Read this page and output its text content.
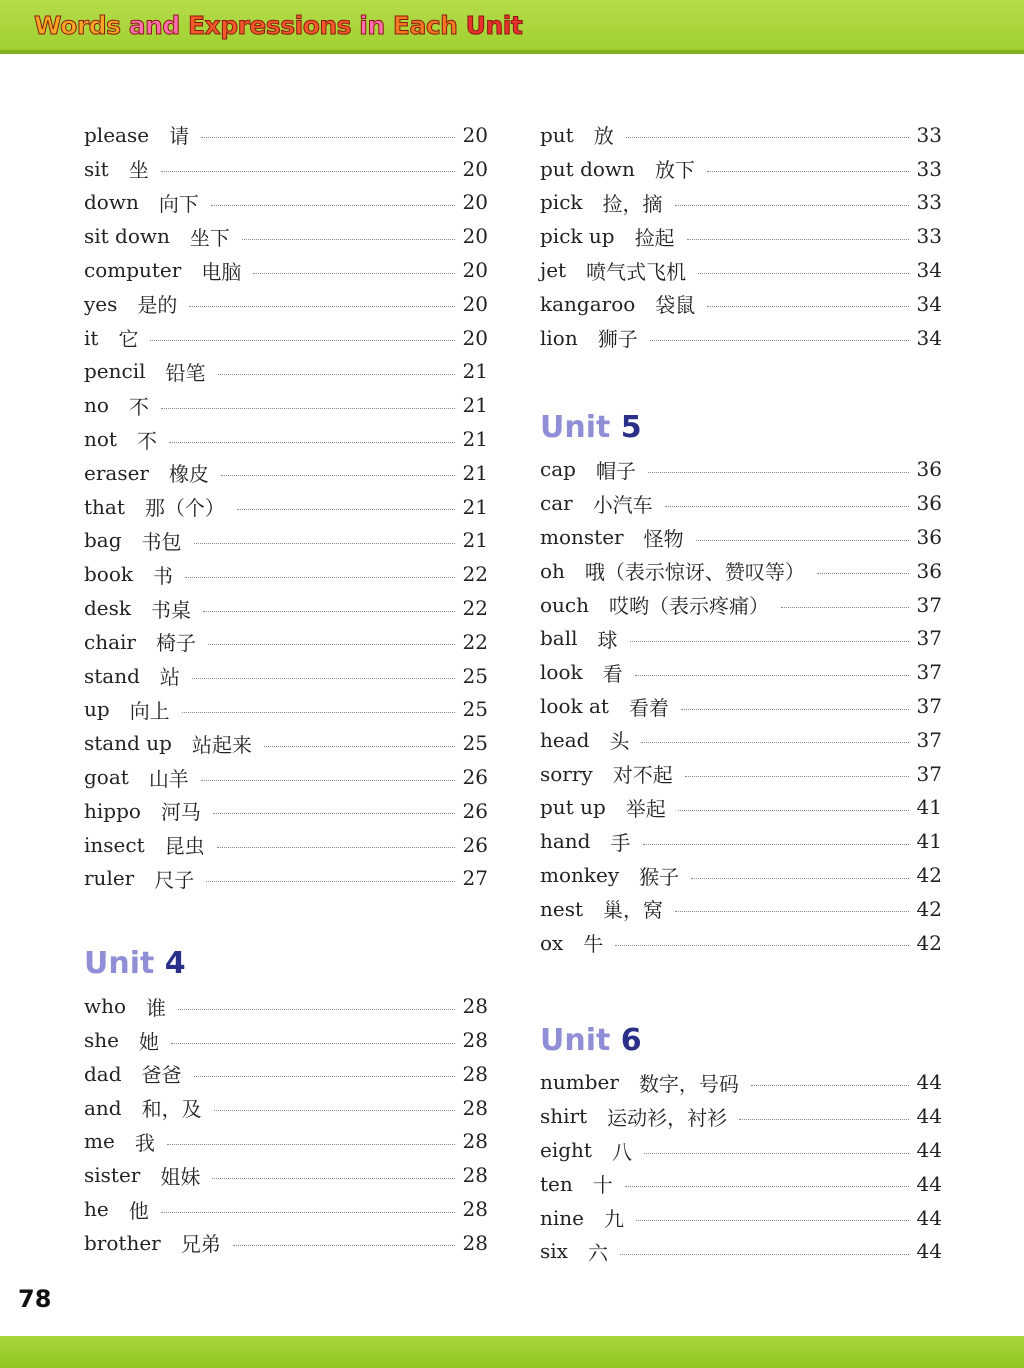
Words and Expressions in Each Unit
please 请	20
sit 坐	20
down 向下	20
sit down 坐下	20
computer 电脑	20
yes 是的	20
it 它	20
pencil 铅笔	21
no 不	21
not 不	21
eraser 橡皮	21
that 那（个）	21
bag 书包	21
book 书	22
desk 书桌	22
chair 椅子	22
stand 站	25
up 向上	25
stand up 站起来	25
goat 山羊	26
hippo 河马	26
insect 昆虫	26
ruler 尺子	27
Unit 4
who 谁	28
she 她	28
dad 爸爸	28
and 和，及	28
me 我	28
sister 姐妹	28
he 他	28
brother 兄弟	28
put 放	33
put down 放下	33
pick 捡，摘	33
pick up 捡起	33
jet 喷气式飞机	34
kangaroo 袋鼠	34
lion 狮子	34
Unit 5
cap 帽子	36
car 小汽车	36
monster 怪物	36
oh 哦（表示惊讶、赞叹等）	36
ouch 哎哟（表示疼痛）	37
ball 球	37
look 看	37
look at 看着	37
head 头	37
sorry 对不起	37
put up 举起	41
hand 手	41
monkey 猴子	42
nest 巢，窝	42
ox 牛	42
Unit 6
number 数字，号码	44
shirt 运动衫，衬衫	44
eight 八	44
ten 十	44
nine 九	44
six 六	44
78
